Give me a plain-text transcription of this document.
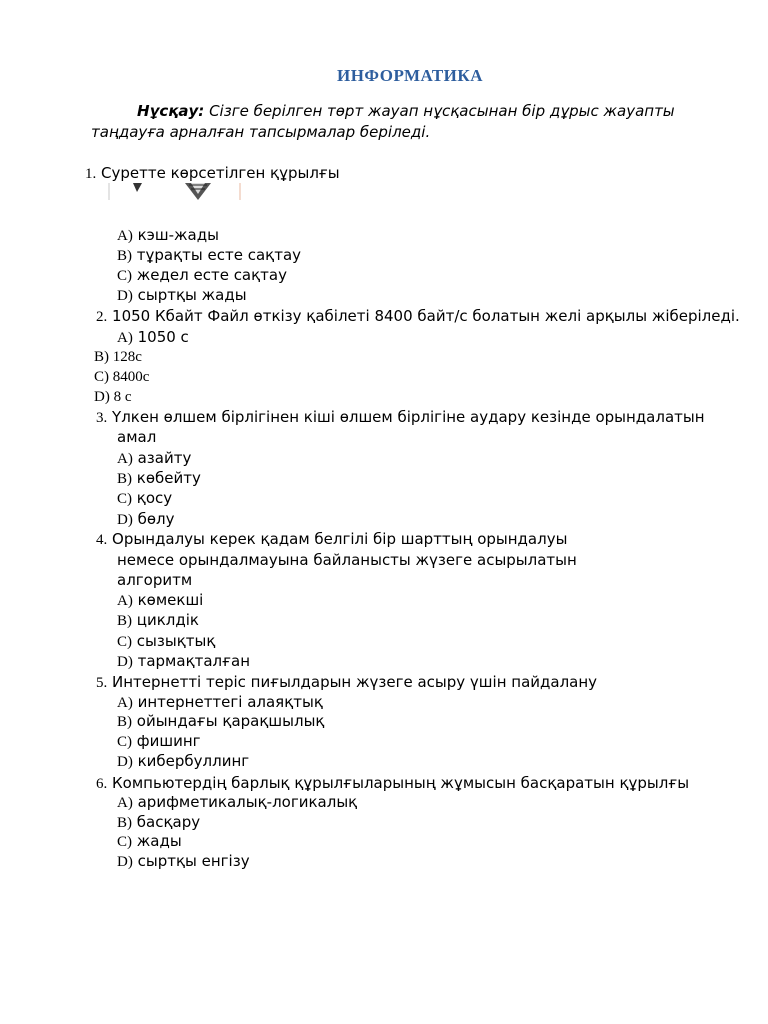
ИНФОРМАТИКА
Нұсқау: Сізге берілген төрт жауап нұсқасынан бір дұрыс жауапты
таңдауға арналған тапсырмалар беріледі.
1. Суретте көрсетілген құрылғы
A) кэш-жады
B) тұрақты есте сақтау
C) жедел есте сақтау
D) сыртқы жады
2. 1050 Кбайт Файл өткізу қабілеті 8400 байт/с болатын желі арқылы жіберіледі.
A) 1050 с
B) 128с
C) 8400с
D) 8 с
3. Үлкен өлшем бірлігінен кіші өлшем бірлігіне аудару кезінде орындалатын
амал
A) азайту
B) көбейту
C) қосу
D) бөлу
4. Орындалуы керек қадам белгілі бір шарттың орындалуы
немесе орындалмауына байланысты жүзеге асырылатын
алгоритм
A) көмекші
B) циклдік
C) сызықтық
D) тармақталған
5. Интернетті теріс пиғылдарын жүзеге асыру үшін пайдалану
A) интернеттегі алаяқтық
B) ойындағы қарақшылық
C) фишинг
D) кибербуллинг
6. Компьютердің барлық құрылғыларының жұмысын басқаратын құрылғы
A) арифметикалық-логикалық
B) басқару
C) жады
D) сыртқы енгізу
